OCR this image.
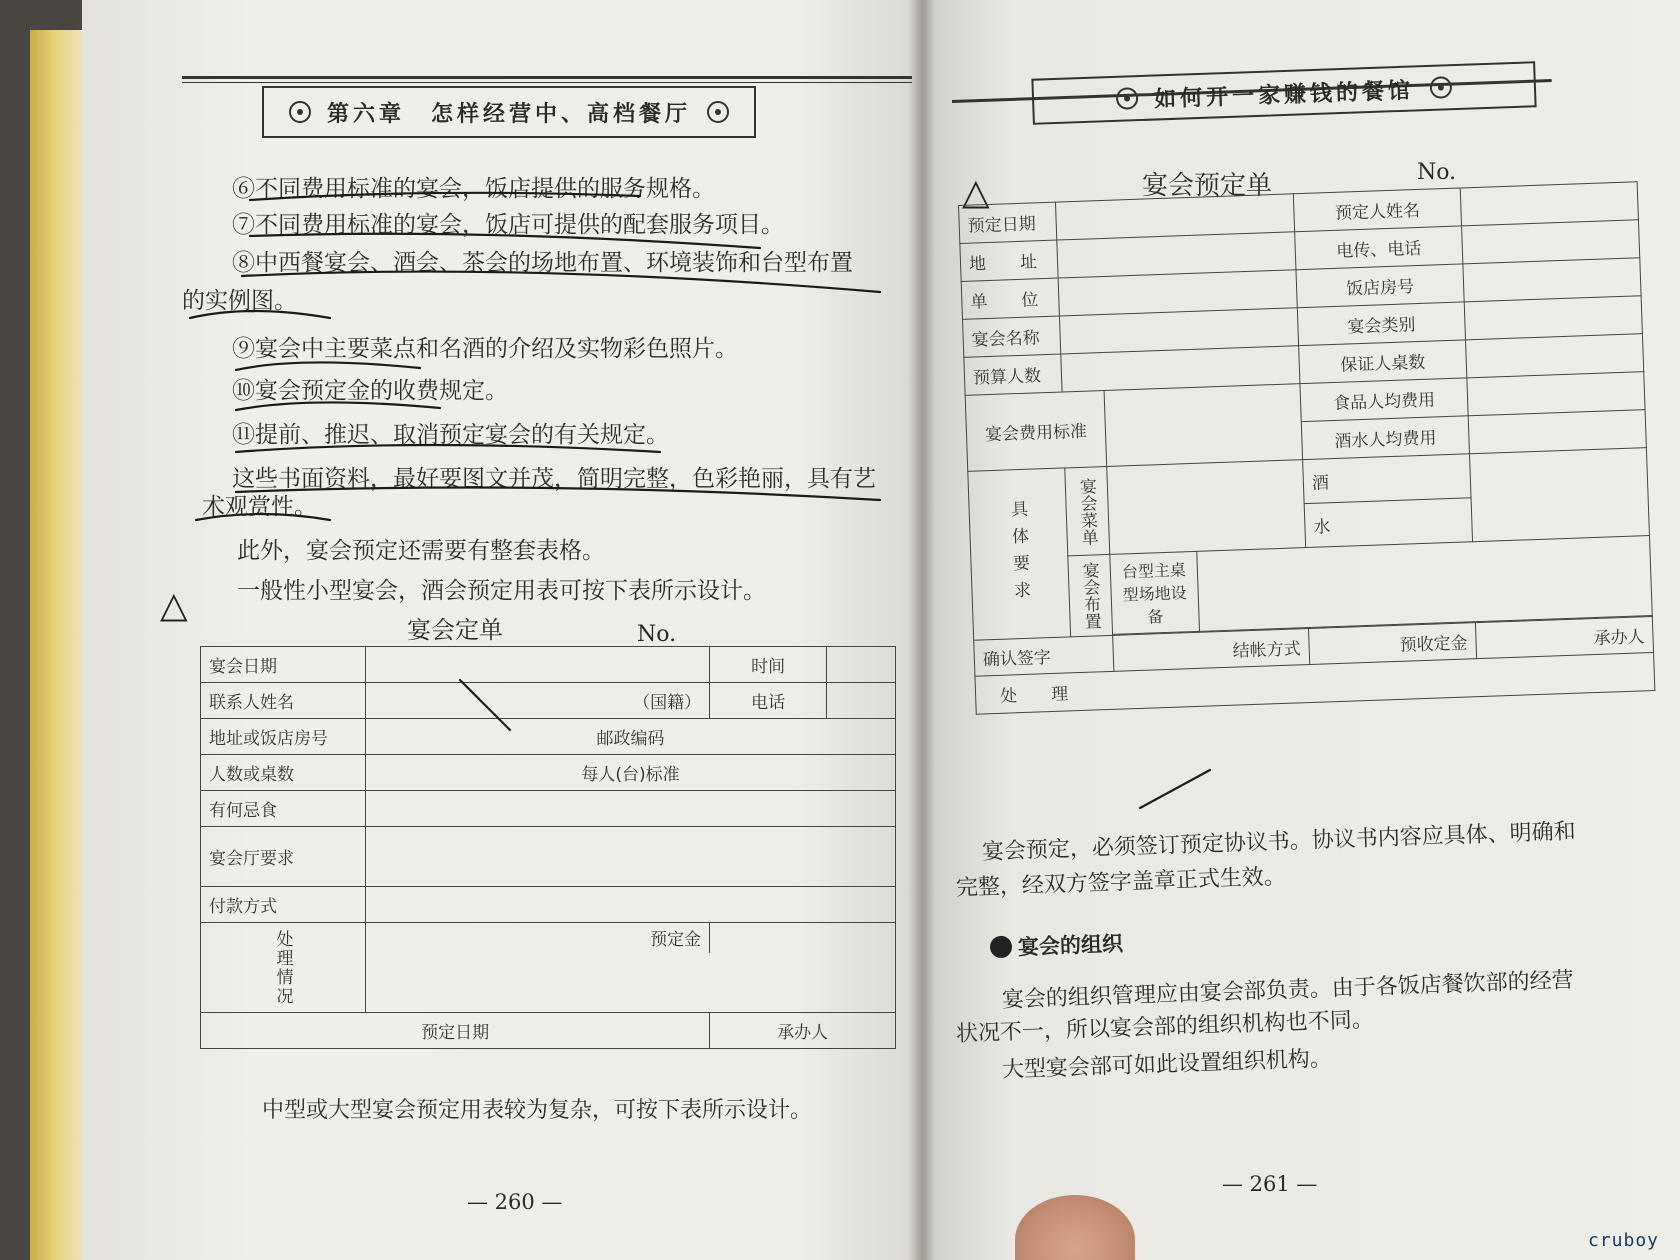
第六章　怎样经营中、高档餐厅
⑥不同费用标准的宴会，饭店提供的服务规格。
⑦不同费用标准的宴会，饭店可提供的配套服务项目。
⑧中西餐宴会、酒会、茶会的场地布置、环境装饰和台型布置
的实例图。
⑨宴会中主要菜点和名酒的介绍及实物彩色照片。
⑩宴会预定金的收费规定。
⑪提前、推迟、取消预定宴会的有关规定。
这些书面资料，最好要图文并茂，简明完整，色彩艳丽，具有艺
术观赏性。
此外，宴会预定还需要有整套表格。
一般性小型宴会，酒会预定用表可按下表所示设计。
△
宴会定单	No.
宴会日期		时间	
联系人姓名	（国籍）	电话	
地址或饭店房号	邮政编码		
人数或桌数	每人(台)标准		
有何忌食			
宴会厅要求			
付款方式			
处理情况	预定金		

预定日期		承办人	
中型或大型宴会预定用表较为复杂，可按下表所示设计。
— 260 —
如何开一家赚钱的餐馆
△	宴会预定单	No.
预定日期				预定人姓名	
地　　址				电传、电话	
单　　位				饭店房号	
宴会名称				宴会类别	
预算人数				保证人桌数	
宴会费用标准				食品人均费用	
				酒水人均费用	
具体要求	宴会菜单			酒	
				水	
	宴会布置	台型主桌型场地设备			

确认签字		结帐方式		预收定金	承办人
处　　理					
宴会预定，必须签订预定协议书。协议书内容应具体、明确和
完整，经双方签字盖章正式生效。
宴会的组织
宴会的组织管理应由宴会部负责。由于各饭店餐饮部的经营
状况不一，所以宴会部的组织机构也不同。
大型宴会部可如此设置组织机构。
— 261 —
cruboy
